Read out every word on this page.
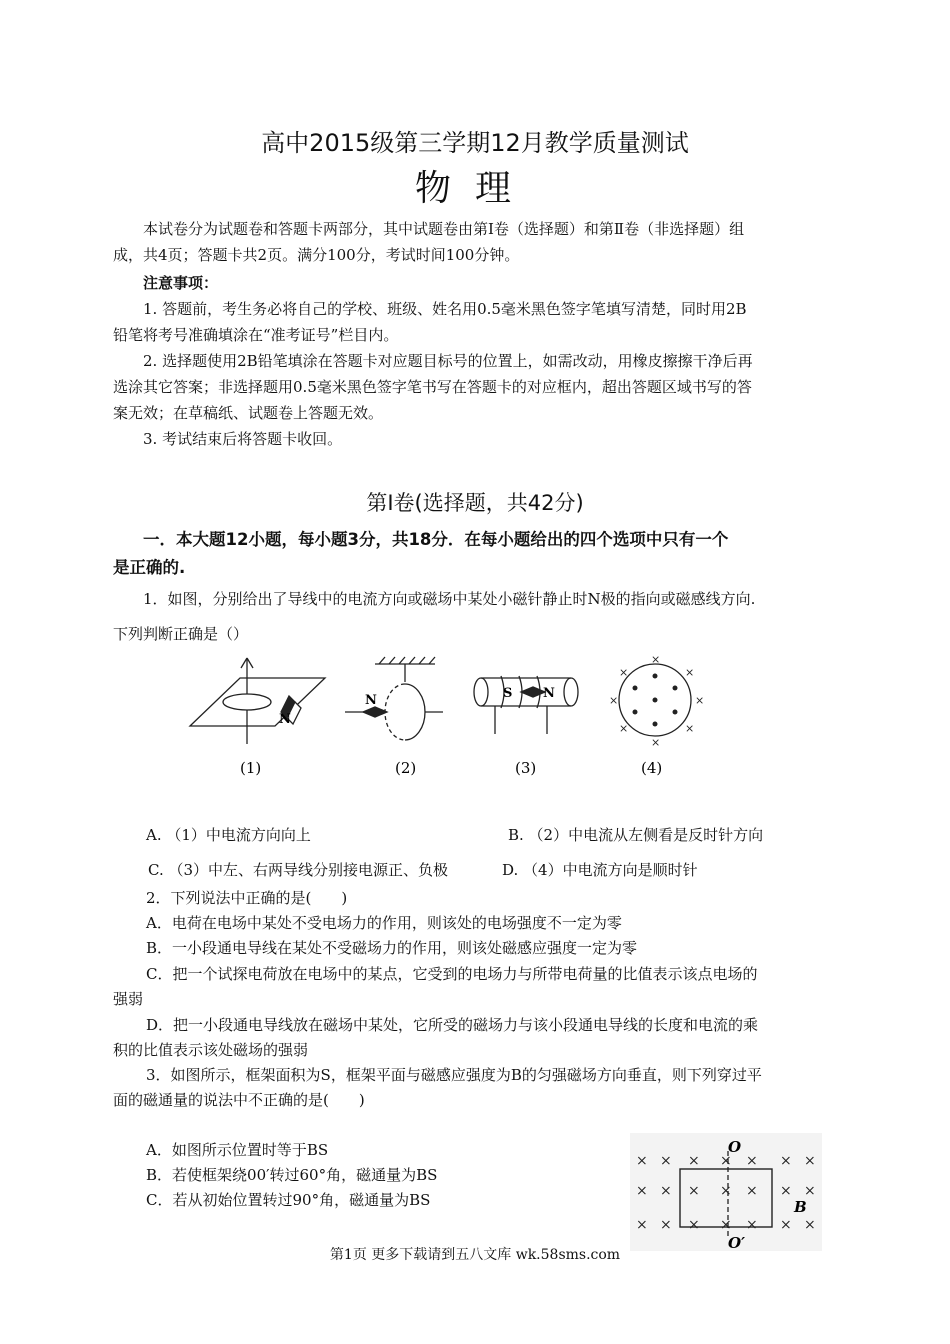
高中2015级第三学期12月教学质量测试
物理
本试卷分为试题卷和答题卡两部分，其中试题卷由第Ⅰ卷（选择题）和第Ⅱ卷（非选择题）组
成，共4页；答题卡共2页。满分100分，考试时间100分钟。
注意事项：
1. 答题前，考生务必将自己的学校、班级、姓名用0.5毫米黑色签字笔填写清楚，同时用2B
铅笔将考号准确填涂在“准考证号”栏目内。
2. 选择题使用2B铅笔填涂在答题卡对应题目标号的位置上，如需改动，用橡皮擦擦干净后再
选涂其它答案；非选择题用0.5毫米黑色签字笔书写在答题卡的对应框内，超出答题区域书写的答
案无效；在草稿纸、试题卷上答题无效。
3. 考试结束后将答题卡收回。
第Ⅰ卷(选择题，共42分)
一．本大题12小题，每小题3分，共18分．在每小题给出的四个选项中只有一个
是正确的.
1．如图，分别给出了导线中的电流方向或磁场中某处小磁针静止时N极的指向或磁感线方向.
下列判断正确是（）
N
(1)
N
(2)
S N
(3)
×
×	×
×	×
×	×
×
(4)
A. （1）中电流方向向上	B. （2）中电流从左侧看是反时针方向
C. （3）中左、右两导线分别接电源正、负极	D. （4）中电流方向是顺时针
2．下列说法中正确的是(　　)
A．电荷在电场中某处不受电场力的作用，则该处的电场强度不一定为零
B．一小段通电导线在某处不受磁场力的作用，则该处磁感应强度一定为零
C．把一个试探电荷放在电场中的某点，它受到的电场力与所带电荷量的比值表示该点电场的
强弱
D．把一小段通电导线放在磁场中某处，它所受的磁场力与该小段通电导线的长度和电流的乘
积的比值表示该处磁场的强弱
3．如图所示，框架面积为S，框架平面与磁感应强度为B的匀强磁场方向垂直，则下列穿过平
面的磁通量的说法中不正确的是(　　)
A．如图所示位置时等于BS
B．若使框架绕00′转过60°角，磁通量为BS
C．若从初始位置转过90°角，磁通量为BS
× × × × × × ×
× × × × × × ×
× × × × × × ×
O
O′
B
第1页 更多下载请到五八文库 wk.58sms.com
